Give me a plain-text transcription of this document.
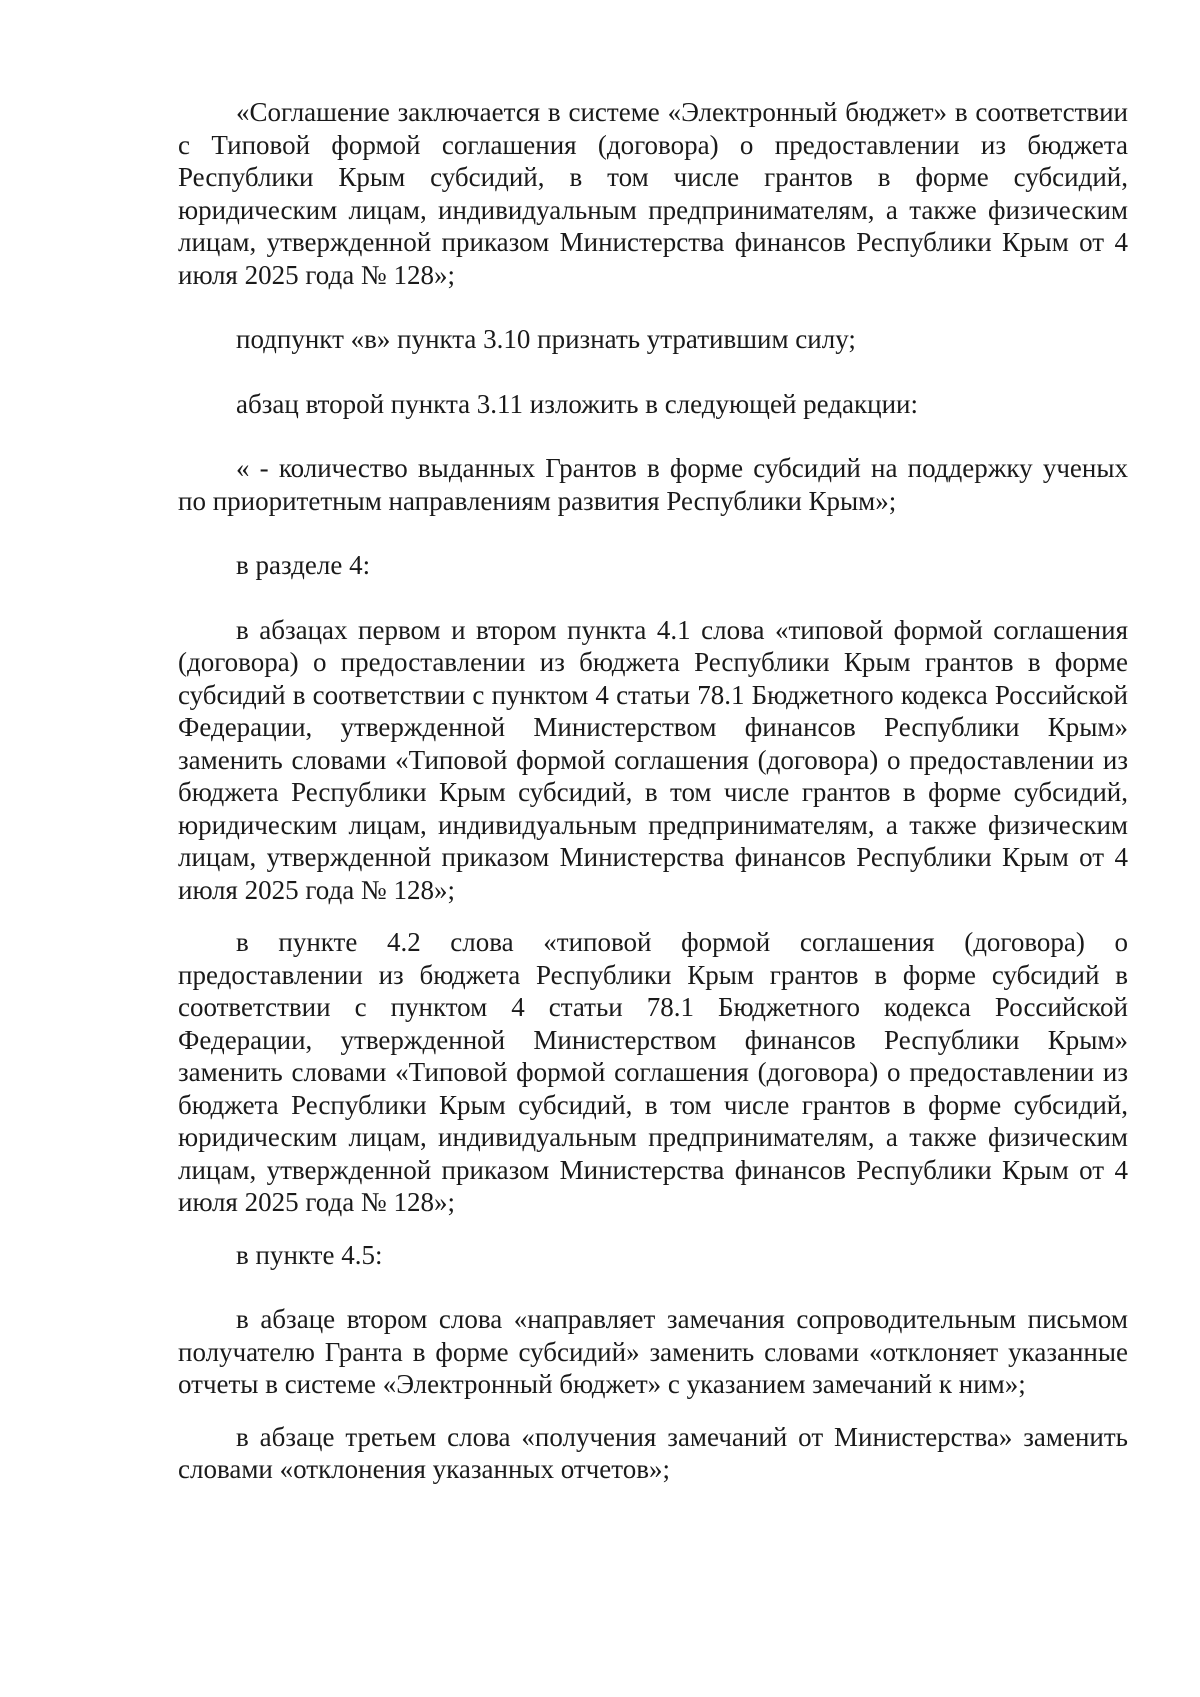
«Соглашение заключается в системе «Электронный бюджет» в соответствии с Типовой формой соглашения (договора) о предоставлении из бюджета Республики Крым субсидий, в том числе грантов в форме субсидий, юридическим лицам, индивидуальным предпринимателям, а также физическим лицам, утвержденной приказом Министерства финансов Республики Крым от 4 июля 2025 года № 128»;

подпункт «в» пункта 3.10 признать утратившим силу;

абзац второй пункта 3.11 изложить в следующей редакции:

« - количество выданных Грантов в форме субсидий на поддержку ученых по приоритетным направлениям развития Республики Крым»;

в разделе 4:

в абзацах первом и втором пункта 4.1 слова «типовой формой соглашения (договора) о предоставлении из бюджета Республики Крым грантов в форме субсидий в соответствии с пунктом 4 статьи 78.1 Бюджетного кодекса Российской Федерации, утвержденной Министерством финансов Республики Крым» заменить словами «Типовой формой соглашения (договора) о предоставлении из бюджета Республики Крым субсидий, в том числе грантов в форме субсидий, юридическим лицам, индивидуальным предпринимателям, а также физическим лицам, утвержденной приказом Министерства финансов Республики Крым от 4 июля 2025 года № 128»;

в пункте 4.2 слова «типовой формой соглашения (договора) о предоставлении из бюджета Республики Крым грантов в форме субсидий в соответствии с пунктом 4 статьи 78.1 Бюджетного кодекса Российской Федерации, утвержденной Министерством финансов Республики Крым» заменить словами «Типовой формой соглашения (договора) о предоставлении из бюджета Республики Крым субсидий, в том числе грантов в форме субсидий, юридическим лицам, индивидуальным предпринимателям, а также физическим лицам, утвержденной приказом Министерства финансов Республики Крым от 4 июля 2025 года № 128»;

в пункте 4.5:

в абзаце втором слова «направляет замечания сопроводительным письмом получателю Гранта в форме субсидий» заменить словами «отклоняет указанные отчеты в системе «Электронный бюджет» с указанием замечаний к ним»;

в абзаце третьем слова «получения замечаний от Министерства» заменить словами «отклонения указанных отчетов»;
